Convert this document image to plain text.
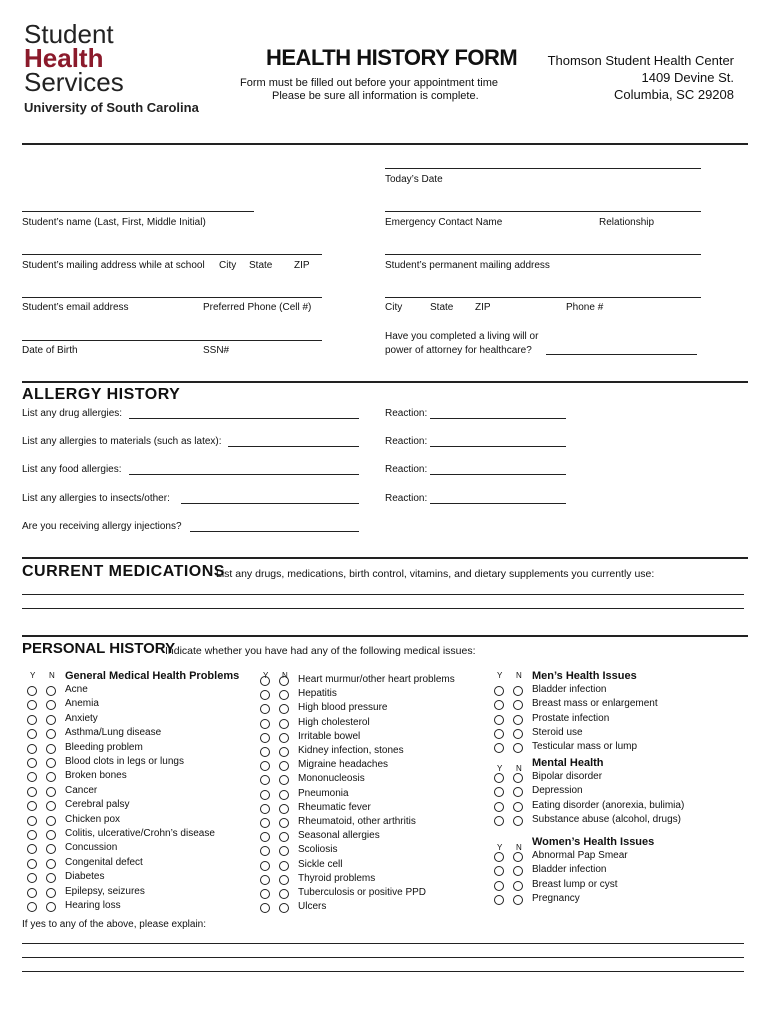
Student
Health
Services
University of South Carolina
HEALTH HISTORY FORM
Form must be filled out before your appointment time
Please be sure all information is complete.
Thomson Student Health Center
1409 Devine St.
Columbia, SC 29208
Today’s Date
Student’s name (Last, First, Middle Initial)	Emergency Contact Name	Relationship
Student’s mailing address while at school City State ZIP	Student’s permanent mailing address
Student’s email address	Preferred Phone (Cell #)	City	State ZIP	Phone #
Date of Birth	SSN#
Have you completed a living will or
power of attorney for healthcare?
ALLERGY HISTORY
List any drug allergies:	Reaction:
List any allergies to materials (such as latex):	Reaction:
List any food allergies:	Reaction:
List any allergies to insects/other:	Reaction:
Are you receiving allergy injections?
CURRENT MEDICATIONS
List any drugs, medications, birth control, vitamins, and dietary supplements you currently use:
PERSONAL HISTORY
Indicate whether you have had any of the following medical issues:
Y N General Medical Health Problems
Acne
Anemia
Anxiety
Asthma/Lung disease
Bleeding problem
Blood clots in legs or lungs
Broken bones
Cancer
Cerebral palsy
Chicken pox
Colitis, ulcerative/Crohn’s disease
Concussion
Congenital defect
Diabetes
Epilepsy, seizures
Hearing loss
Y N Heart murmur/other heart problems
Hepatitis
High blood pressure
High cholesterol
Irritable bowel
Kidney infection, stones
Migraine headaches
Mononucleosis
Pneumonia
Rheumatic fever
Rheumatoid, other arthritis
Seasonal allergies
Scoliosis
Sickle cell
Thyroid problems
Tuberculosis or positive PPD
Ulcers
Y N Men’s Health Issues
Bladder infection
Breast mass or enlargement
Prostate infection
Steroid use
Testicular mass or lump
Y N Mental Health
Bipolar disorder
Depression
Eating disorder (anorexia, bulimia)
Substance abuse (alcohol, drugs)
Y N Women’s Health Issues
Abnormal Pap Smear
Bladder infection
Breast lump or cyst
Pregnancy
If yes to any of the above, please explain:
